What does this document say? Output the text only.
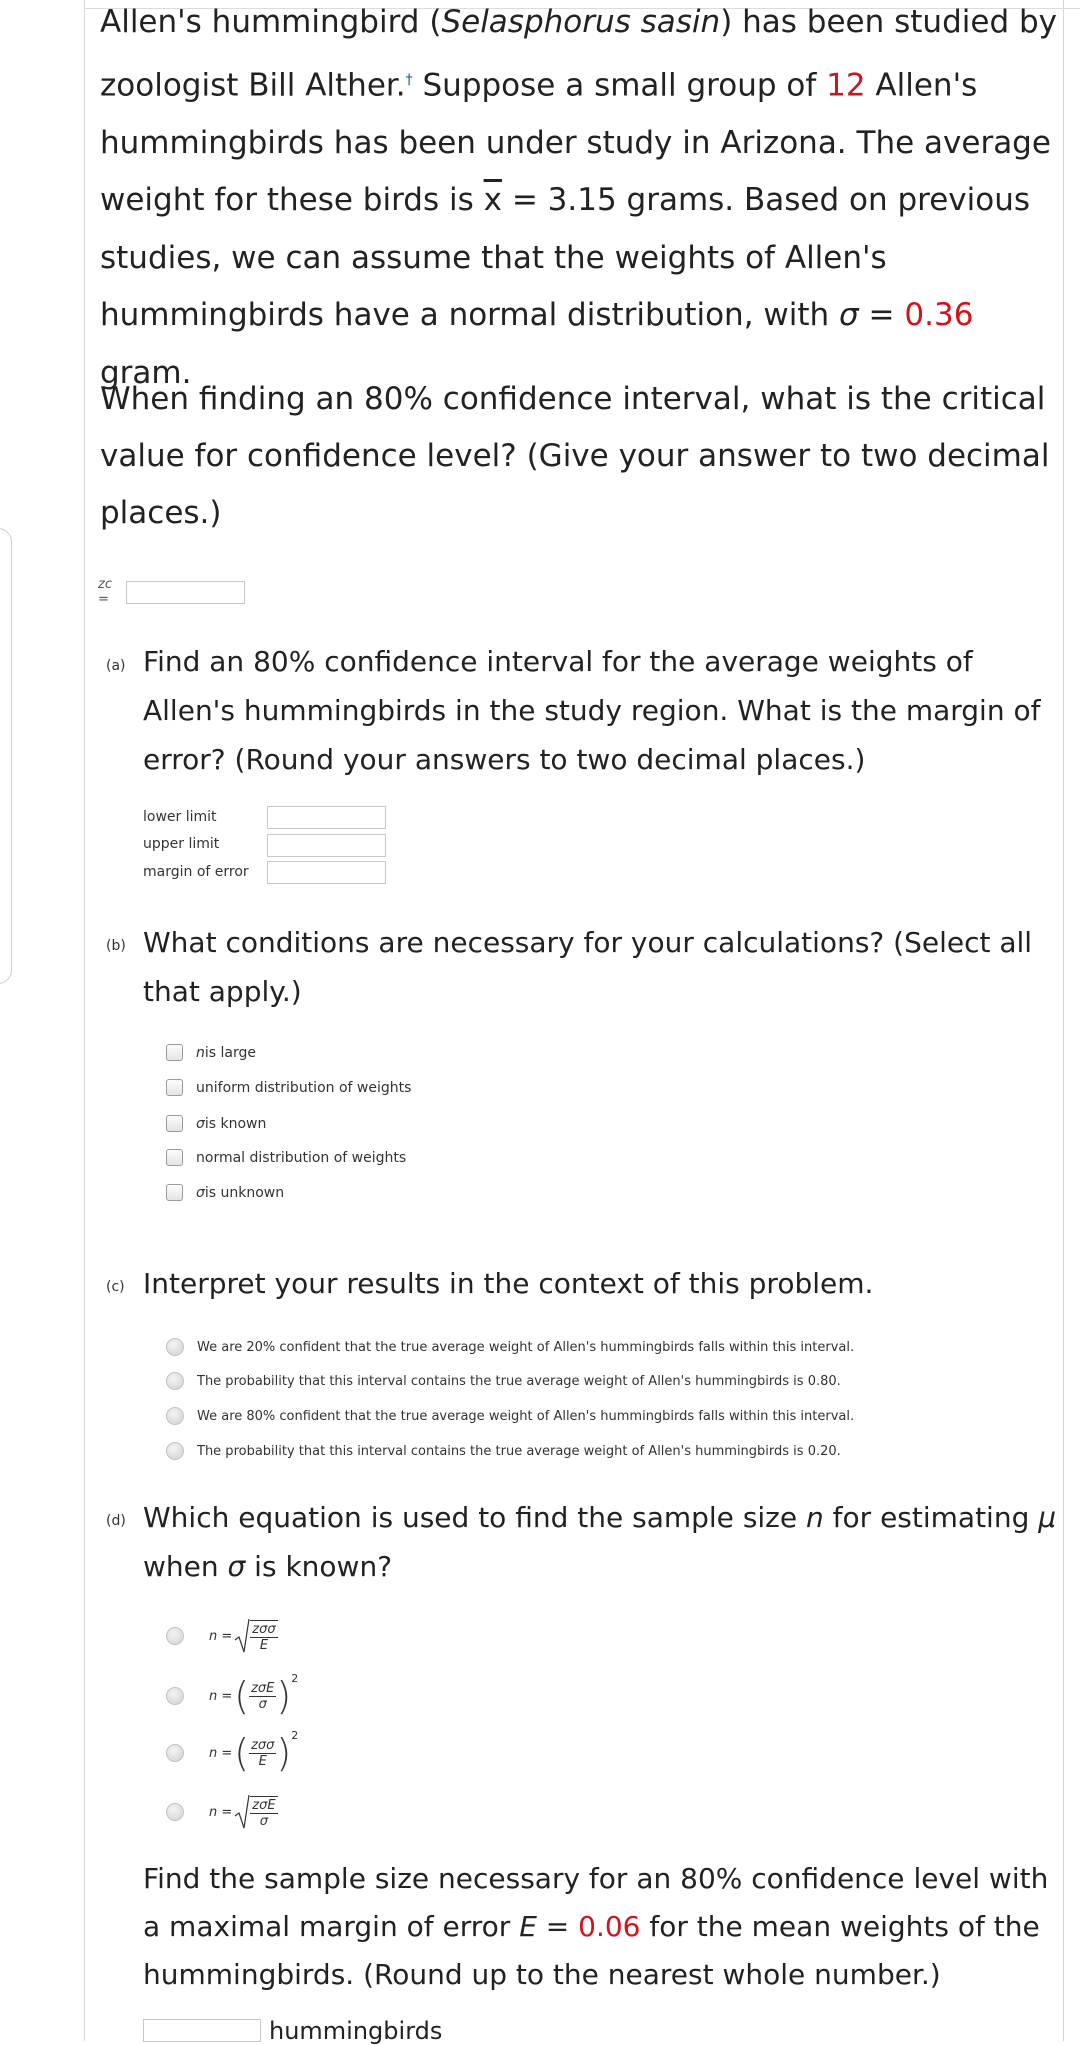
Allen's hummingbird (Selasphorus sasin) has been studied by zoologist Bill Alther.† Suppose a small group of 12 Allen's hummingbirds has been under study in Arizona. The average weight for these birds is $\overline{x} = 3.15$ grams. Based on previous studies, we can assume that the weights of Allen's hummingbirds have a normal distribution, with σ = 0.36 gram.
When finding an 80% confidence interval, what is the critical value for confidence level? (Give your answer to two decimal places.)
zc =
(a) Find an 80% confidence interval for the average weights of Allen's hummingbirds in the study region. What is the margin of error? (Round your answers to two decimal places.)
lower limit
upper limit
margin of error
(b) What conditions are necessary for your calculations? (Select all that apply.)
n is large
uniform distribution of weights
σ is known
normal distribution of weights
σ is unknown
(c) Interpret your results in the context of this problem.
We are 20% confident that the true average weight of Allen's hummingbirds falls within this interval.
The probability that this interval contains the true average weight of Allen's hummingbirds is 0.80.
We are 80% confident that the true average weight of Allen's hummingbirds falls within this interval.
The probability that this interval contains the true average weight of Allen's hummingbirds is 0.20.
(d) Which equation is used to find the sample size n for estimating μ
when σ is known?
$n = \frac{\text{zσσ}}{E}$
n = ( $\frac{\text{zσE}}{\sigma} )^2$
n = ( $\frac{\text{zσσ}}{E} )^2$
$n = \frac{\text{zσE}}{\sigma}$
Find the sample size necessary for an 80% confidence level with a maximal margin of error E = 0.06 for the mean weights of the hummingbirds. (Round up to the nearest whole number.)
hummingbirds
